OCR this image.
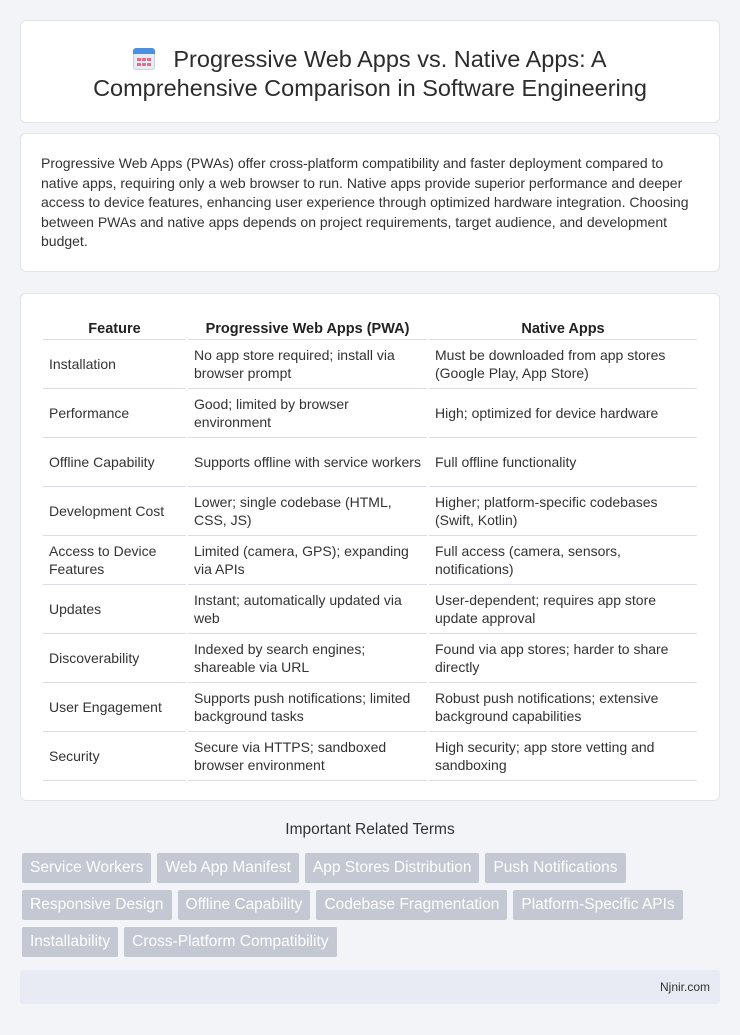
Progressive Web Apps vs. Native Apps: A
Comprehensive Comparison in Software Engineering

Progressive Web Apps (PWAs) offer cross-platform compatibility and faster deployment compared to native apps, requiring only a web browser to run. Native apps provide superior performance and deeper access to device features, enhancing user experience through optimized hardware integration. Choosing between PWAs and native apps depends on project requirements, target audience, and development budget.

Feature	Progressive Web Apps (PWA)	Native Apps
Installation	No app store required; install via browser prompt	Must be downloaded from app stores (Google Play, App Store)
Performance	Good; limited by browser environment	High; optimized for device hardware
Offline Capability	Supports offline with service workers	Full offline functionality
Development Cost	Lower; single codebase (HTML, CSS, JS)	Higher; platform-specific codebases (Swift, Kotlin)
Access to Device Features	Limited (camera, GPS); expanding via APIs	Full access (camera, sensors, notifications)
Updates	Instant; automatically updated via web	User-dependent; requires app store update approval
Discoverability	Indexed by search engines; shareable via URL	Found via app stores; harder to share directly
User Engagement	Supports push notifications; limited background tasks	Robust push notifications; extensive background capabilities
Security	Secure via HTTPS; sandboxed browser environment	High security; app store vetting and sandboxing
Important Related Terms
Service Workers Web App Manifest App Stores Distribution Push Notifications
Responsive Design Offline Capability Codebase Fragmentation Platform-Specific APIs
Installability Cross-Platform Compatibility
Njnir.com
